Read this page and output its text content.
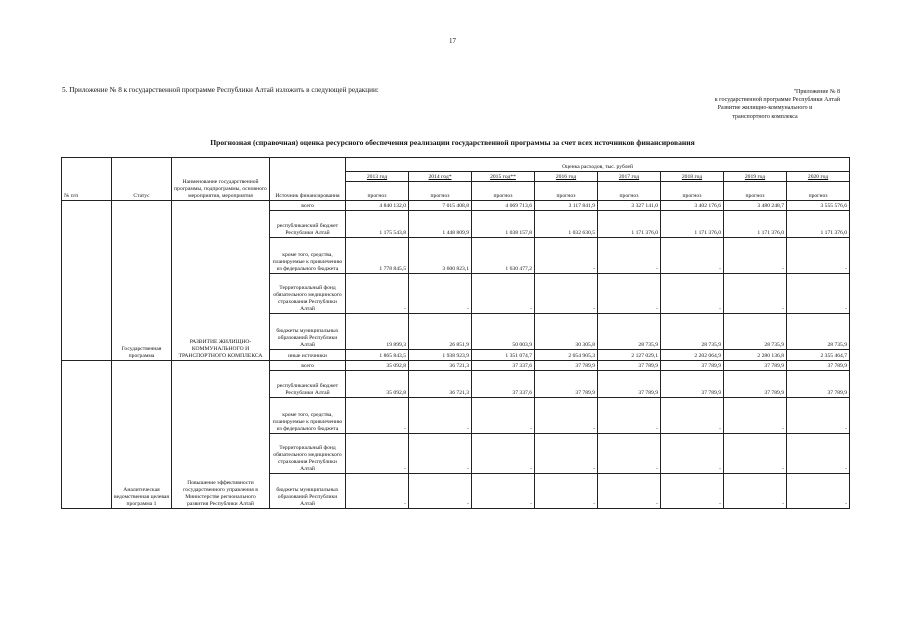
17
5. Приложение № 8 к государственной программе Республики Алтай изложить в следующей редакции:	"Приложение № 8
к государственной программе Республики Алтай
Развитие жилищно-коммунального и
транспортного комплекса
Прогнозная (справочная) оценка ресурсного обеспечения реализации государственной программы за счет всех источников финансирования
№ п/п	Статус	Наименование государственной программы, подпрограммы, основного мероприятия, мероприятия	Источник финансирования	Оценка расходов, тыс. рублей							
				2013 год	2014 год*	2015 год**	2016 год	2017 год	2018 год	2019 год	2020 год
				прогноз	прогноз	прогноз	прогноз	прогноз	прогноз	прогноз	прогноз
	Государственная программа	РАЗВИТИЕ ЖИЛИЩНО-КОММУНАЛЬНОГО И ТРАНСПОРТНОГО КОМПЛЕКСА	всего	4 840 132,0	7 015 408,8	4 069 713,6	3 117 841,9	3 327 141,0	3 402 176,6	3 480 248,7	3 555 576,6
			республиканский бюджет Республики Алтай	1 175 543,8	1 448 809,9	1 038 157,8	1 032 630,5	1 171 376,0	1 171 376,0	1 171 376,0	1 171 376,0
			кроме того, средства, планируемые к привлечению из федерального бюджета	1 778 845,5	3 600 823,1	1 630 477,2	-	-	-	-	-
			Территориальный фонд обязательного медицинского страхования Республики Алтай	-	-	-	-	-	-	-	-
			бюджеты муниципальных образований Республики Алтай	19 899,3	26 851,9	50 003,9	30 305,8	28 735,9	28 735,9	28 735,9	28 735,9
			иные источники	1 865 843,5	1 938 923,9	1 351 074,7	2 054 905,3	2 127 029,1	2 202 064,9	2 280 136,8	2 355 464,7
	Аналитическая ведомственная целевая программа 1	Повышение эффективности государственного управления в Министерстве регионального развития Республики Алтай	всего	35 092,8	36 721,3	37 337,6	37 789,9	37 789,9	37 789,9	37 789,9	37 789,9
			республиканский бюджет Республики Алтай	35 092,8	36 721,3	37 337,6	37 789,9	37 789,9	37 789,9	37 789,9	37 789,9
			кроме того, средства, планируемые к привлечению из федерального бюджета	-	-	-	-	-	-	-	-
			Территориальный фонд обязательного медицинского страхования Республики Алтай	-	-	-	-	-	-	-	-
			бюджеты муниципальных образований Республики Алтай	-	-	-	-	-	-	-	-
